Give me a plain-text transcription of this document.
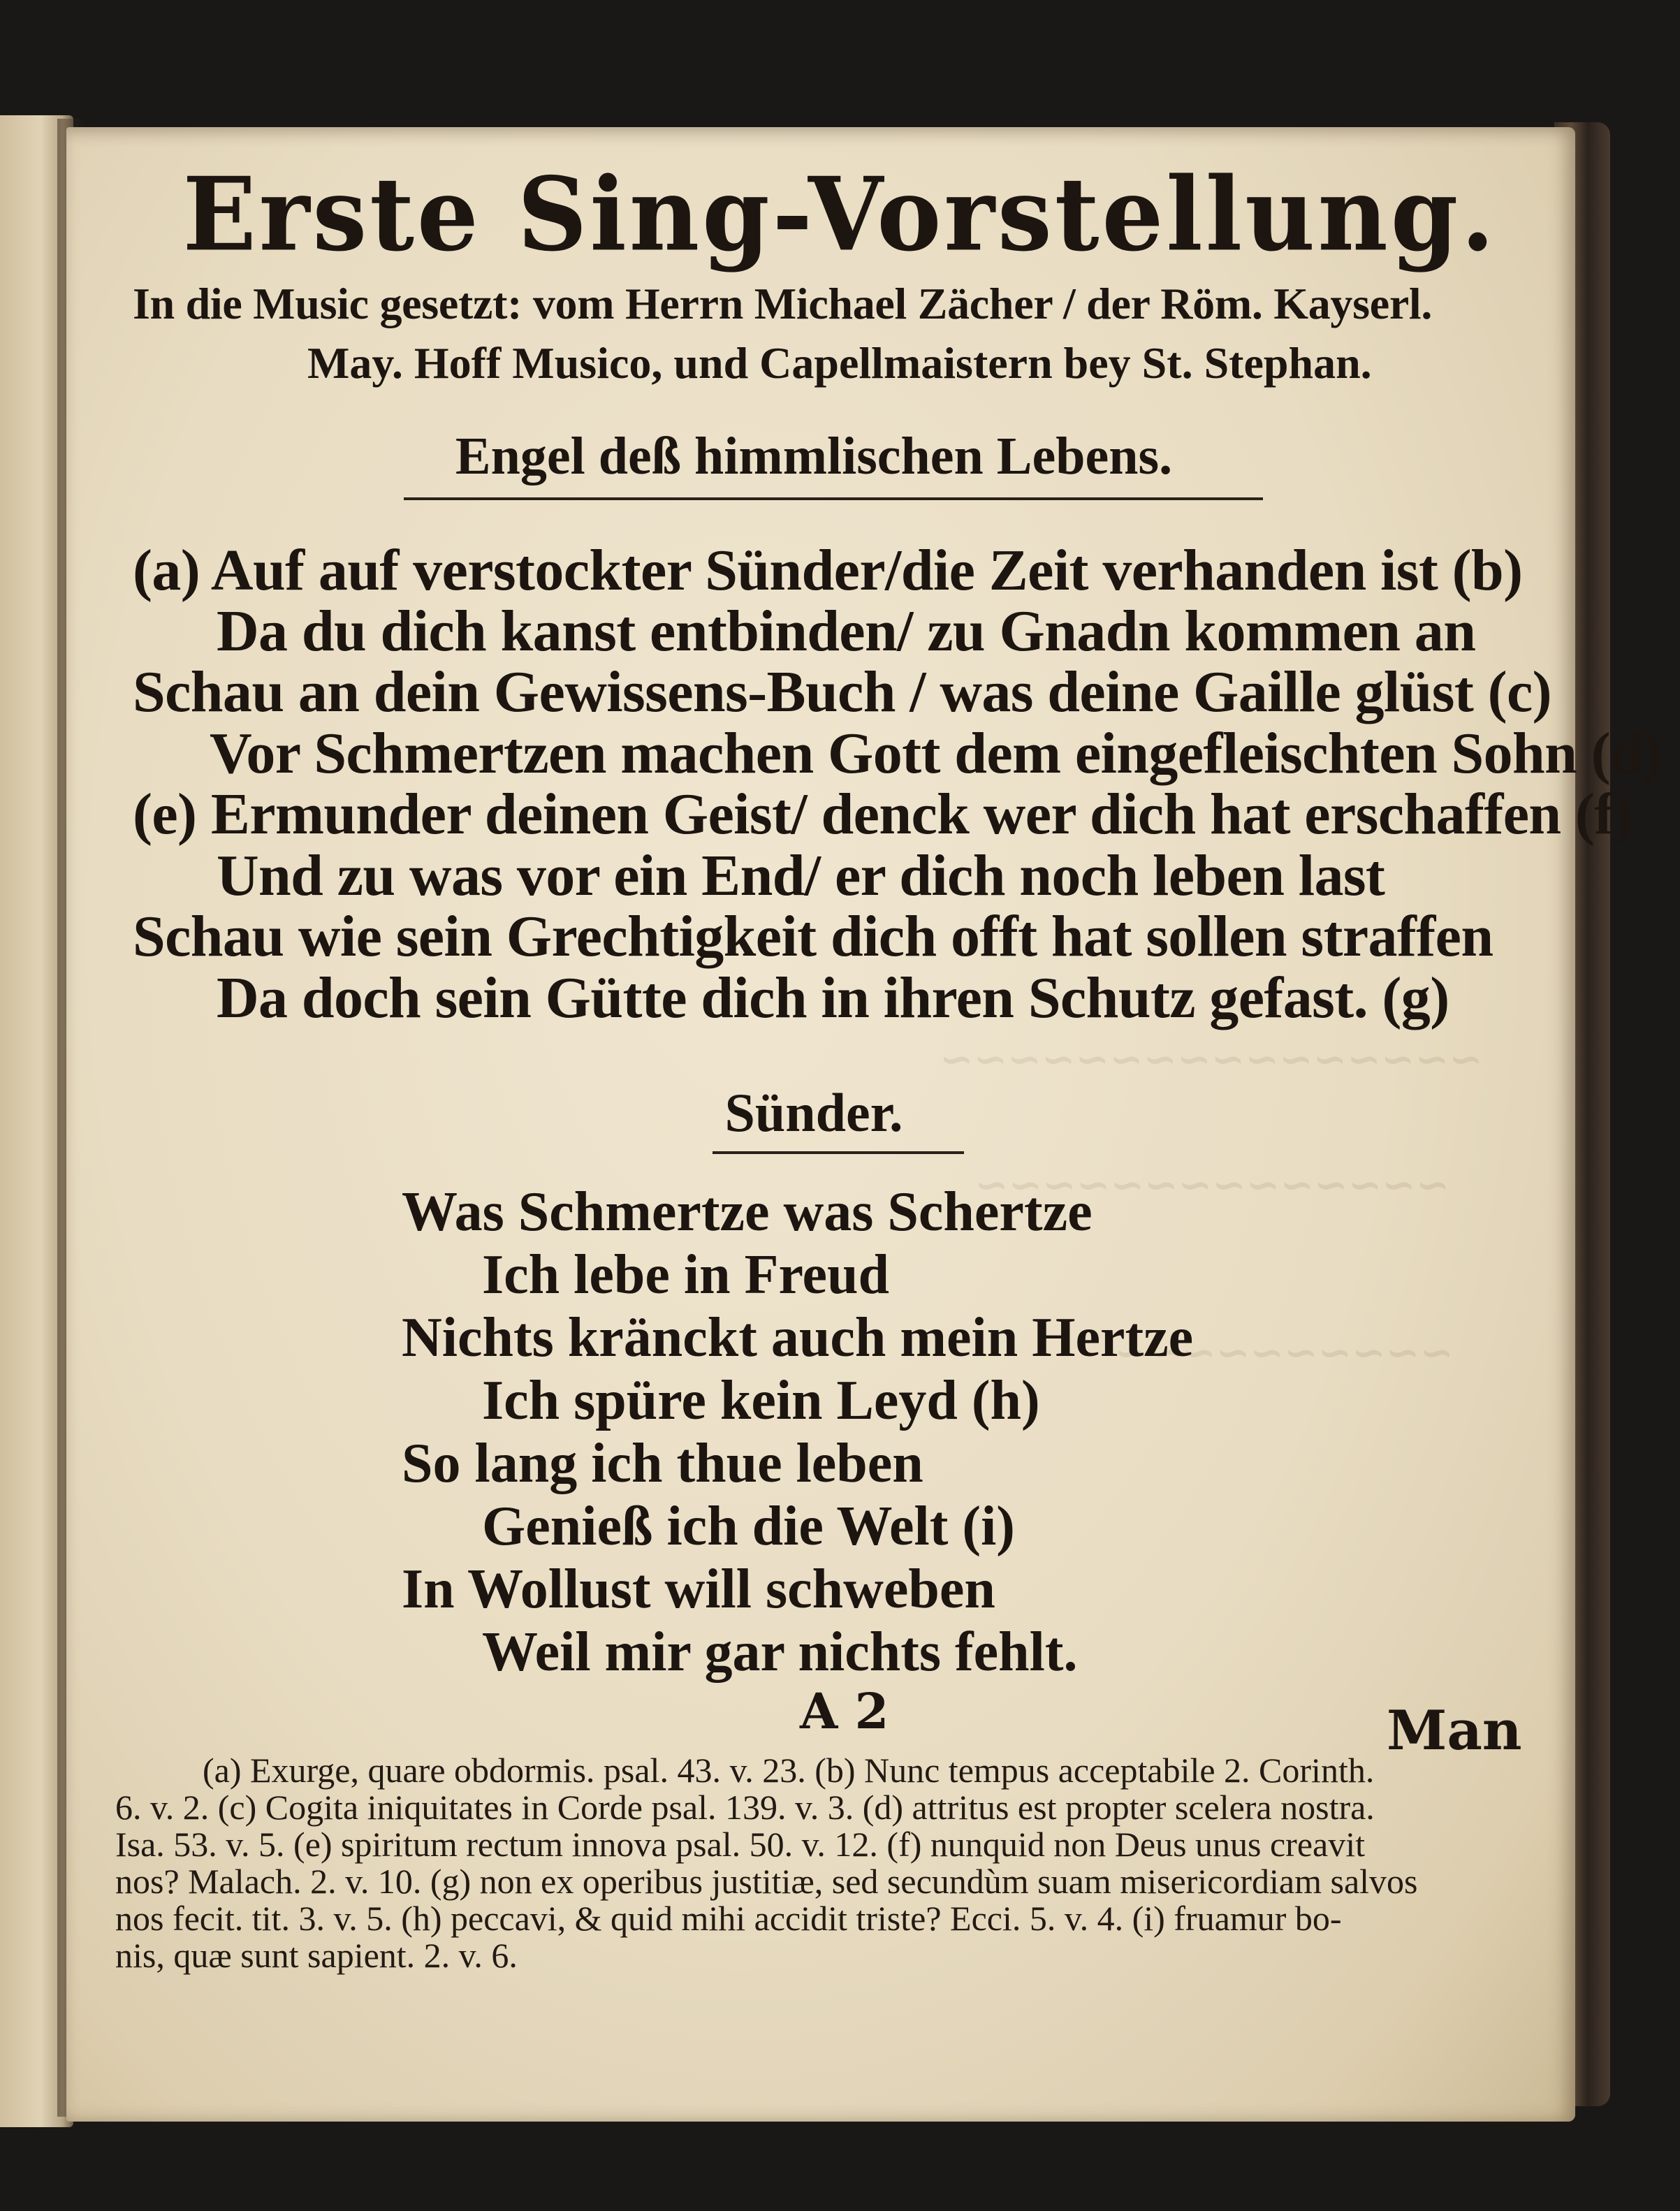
~~~~~~~~~~~~~~~~
~~~~~~~~~~~~~~
~~~~~~~~~~
Erste Sing-Vorstellung.
In die Music gesetzt: vom Herrn Michael Zächer / der Röm. Kayserl.
May. Hoff Musico, und Capellmaistern bey St. Stephan.
Engel deß himmlischen Lebens.
(a) Auf auf verstockter Sünder/die Zeit verhanden ist (b)
Da du dich kanst entbinden/ zu Gnadn kommen an
Schau an dein Gewissens-Buch / was deine Gaille glüst (c)
Vor Schmertzen machen Gott dem eingefleischten Sohn (d)
(e) Ermunder deinen Geist/ denck wer dich hat erschaffen (f)
Und zu was vor ein End/ er dich noch leben last
Schau wie sein Grechtigkeit dich offt hat sollen straffen
Da doch sein Gütte dich in ihren Schutz gefast. (g)
Sünder.
Was Schmertze was Schertze
Ich lebe in Freud
Nichts kränckt auch mein Hertze
Ich spüre kein Leyd (h)
So lang ich thue leben
Genieß ich die Welt (i)
In Wollust will schweben
Weil mir gar nichts fehlt.
A 2	Man
(a) Exurge, quare obdormis. psal. 43. v. 23. (b) Nunc tempus acceptabile 2. Corinth.
6. v. 2. (c) Cogita iniquitates in Corde psal. 139. v. 3. (d) attritus est propter scelera nostra.
Isa. 53. v. 5. (e) spiritum rectum innova psal. 50. v. 12. (f) nunquid non Deus unus creavit
nos? Malach. 2. v. 10. (g) non ex operibus justitiæ, sed secundùm suam misericordiam salvos
nos fecit. tit. 3. v. 5. (h) peccavi, & quid mihi accidit triste? Ecci. 5. v. 4. (i) fruamur bo-
nis, quæ sunt sapient. 2. v. 6.
